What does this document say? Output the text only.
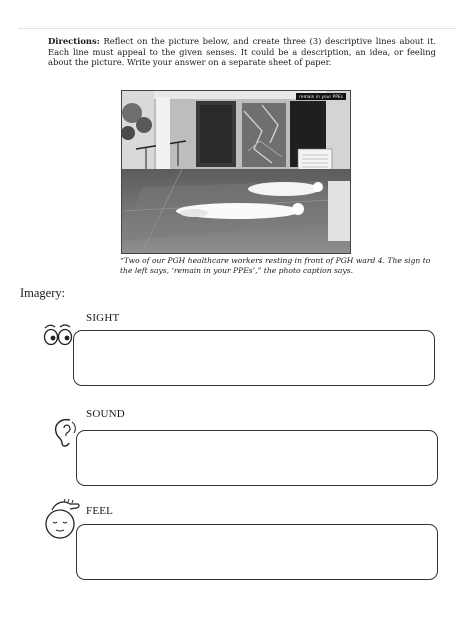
Directions: Reflect on the picture below, and create three (3) descriptive lines about it. Each line must appeal to the given senses. It could be a description, an idea, or feeling about the picture. Write your answer on a separate sheet of paper.
remain in your PPEs
“Two of our PGH healthcare workers resting in front of PGH ward 4. The sign to the left says, ‘remain in your PPEs’,” the photo caption says.
Imagery:
SIGHT
SOUND
FEEL
